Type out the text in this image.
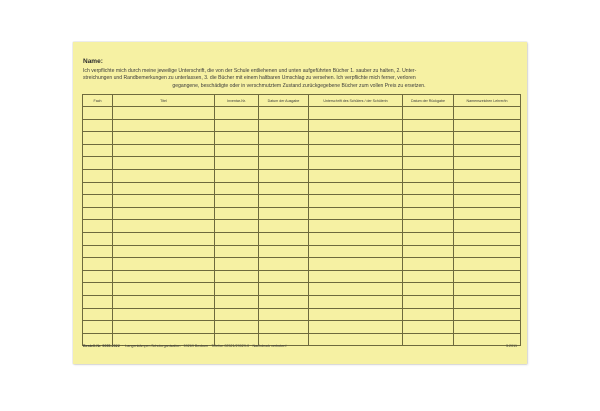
Name:
Ich verpflichte mich durch meine jeweilige Unterschrift, die von der Schule entliehenen und unten aufgeführten Bücher 1. sauber zu halten, 2. Unter-
streichungen und Randbemerkungen zu unterlassen, 3. die Bücher mit einem haltbaren Umschlag zu versehen. Ich verpflichte mich ferner, verloren
gegangene, beschädigte oder in verschmutztem Zustand zurückgegebene Bücher zum vollen Preis zu ersetzen.
Fach	Titel	Inventar-Nr.	Datum der Ausgabe	Unterschrift des Schülers / der Schülerin	Datum der Rückgabe	Namenszeichen Lehrer/in

Bestell-Nr. 9095-2022  ·  Langenkämper-Schulorganisation · 59269 Beckum · Telefon 02521/29029-0 · Nachdruck verboten!	3.2011
